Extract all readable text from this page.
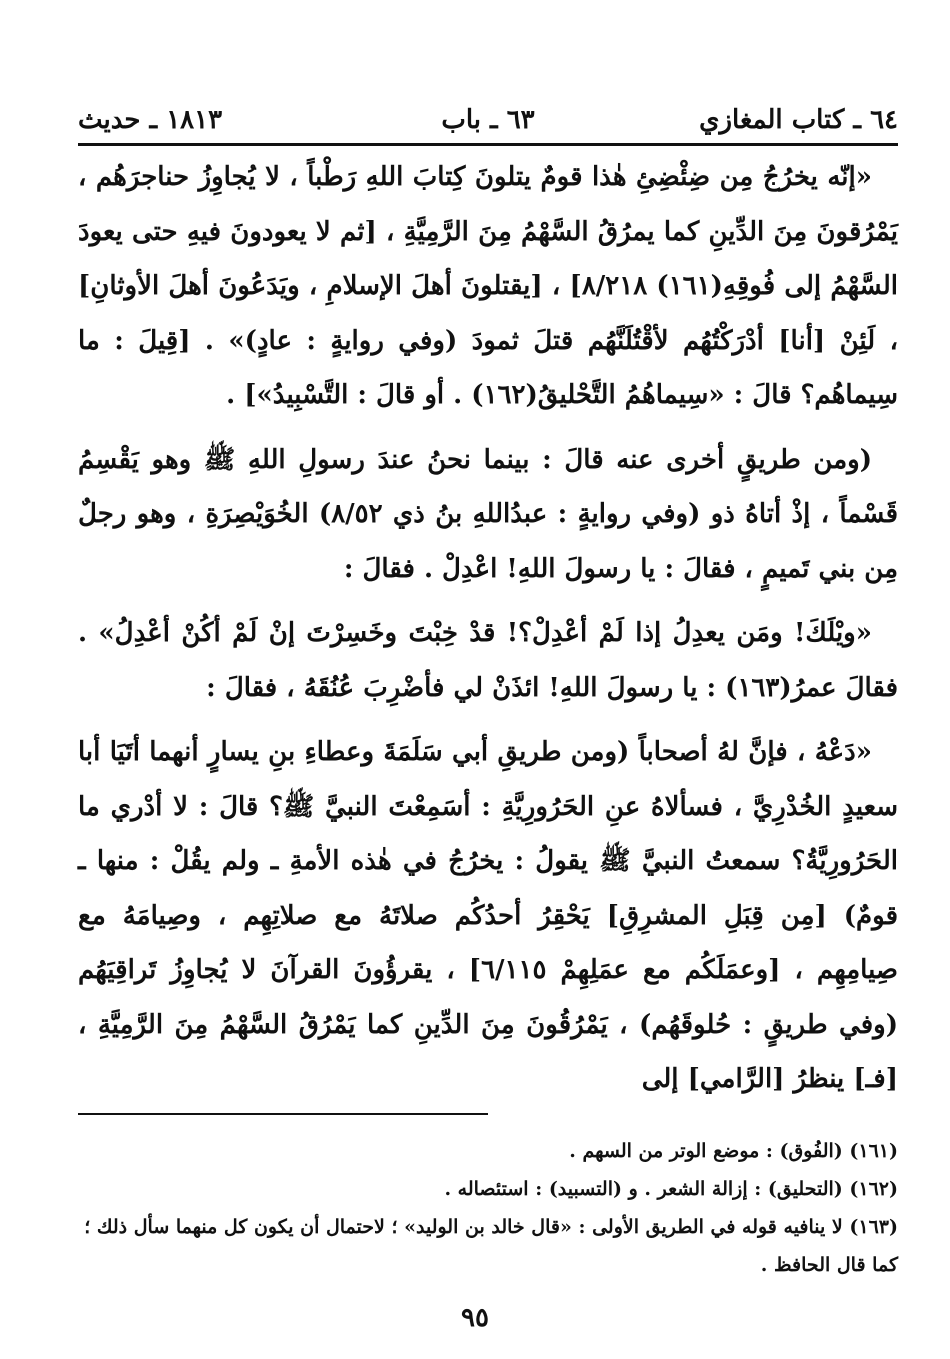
٦٤ ـ كتاب المغازي
٦٣ ـ باب
١٨١٣ ـ حديث

«إنّه يخرُجُ مِن ضِئْضِئِ هٰذا قومٌ يتلونَ كِتابَ اللهِ رَطْباً ، لا يُجاوِزُ حناجرَهُم ، يَمْرُقونَ مِنَ الدِّينِ كما يمرُقُ السَّهْمُ مِنَ الرَّمِيَّةِ ، [ثم لا يعودونَ فيهِ حتى يعودَ السَّهْمُ إلى فُوقِهِ(١٦١) ٨/٢١٨] ، [يقتلونَ أهلَ الإسلامِ ، ويَدَعُونَ أهلَ الأوثانِ] ، لَئِنْ [أنا] أدْرَكْتُهُم لأقْتُلَنَّهُم قتلَ ثمودَ (وفي روايةٍ : عادٍ)» . [قِيلَ : ما سِيماهُم؟ قالَ : «سِيماهُمُ التَّحْليقُ(١٦٢) . أو قالَ : التَّسْبِيدُ»] .

(ومن طريقٍ أخرى عنه قالَ : بينما نحنُ عندَ رسولِ اللهِ ﷺ وهو يَقْسِمُ قَسْماً ، إذْ أتاهُ ذو (وفي روايةٍ : عبدُاللهِ بنُ ذي ٨/٥٢) الخُوَيْصِرَةِ ، وهو رجلٌ مِن بني تَميمٍ ، فقالَ : يا رسولَ اللهِ! اعْدِلْ . فقالَ :

«ويْلَكَ! ومَن يعدِلُ إذا لَمْ أعْدِلْ؟! قدْ خِبْتَ وخَسِرْتَ إنْ لَمْ أكُنْ أعْدِلُ» . فقالَ عمرُ(١٦٣) : يا رسولَ اللهِ! ائذَنْ لي فأضْرِبَ عُنُقَهُ ، فقالَ :

«دَعْهُ ، فإنَّ لهُ أصحاباً (ومن طريقِ أبي سَلَمَةَ وعطاءِ بنِ يسارٍ أنهما أتَيَا أبا سعيدٍ الخُدْرِيَّ ، فسألاهُ عنِ الحَرُورِيَّةِ : أسَمِعْتَ النبيَّ ﷺ؟ قالَ : لا أدْري ما الحَرُورِيَّةُ؟ سمعتُ النبيَّ ﷺ يقولُ : يخرُجُ في هٰذه الأمةِ ـ ولم يقُلْ : منها ـ قومٌ) [مِن قِبَلِ المشرِقِ] يَحْقِرُ أحدُكُم صلاتَهُ مع صلاتِهِم ، وصِيامَهُ مع صِيامِهِم ، [وعمَلَكُم مع عمَلِهِمْ ٦/١١٥] ، يقرؤُونَ القرآنَ لا يُجاوِزُ تَراقِيَهُم (وفي طريقٍ : حُلوقَهُم) ، يَمْرُقُونَ مِنَ الدِّينِ كما يَمْرُقُ السَّهْمُ مِنَ الرَّمِيَّةِ ، [فـ] ينظرُ [الرَّامي] إلى

(١٦١) (الفُوق) : موضع الوتر من السهم .

(١٦٢) (التحليق) : إزالة الشعر . و (التسبيد) : استئصاله .

(١٦٣) لا ينافيه قوله في الطريق الأولى : «قال خالد بن الوليد» ؛ لاحتمال أن يكون كل منهما سأل ذلك ؛ كما قال الحافظ .

٩٥
